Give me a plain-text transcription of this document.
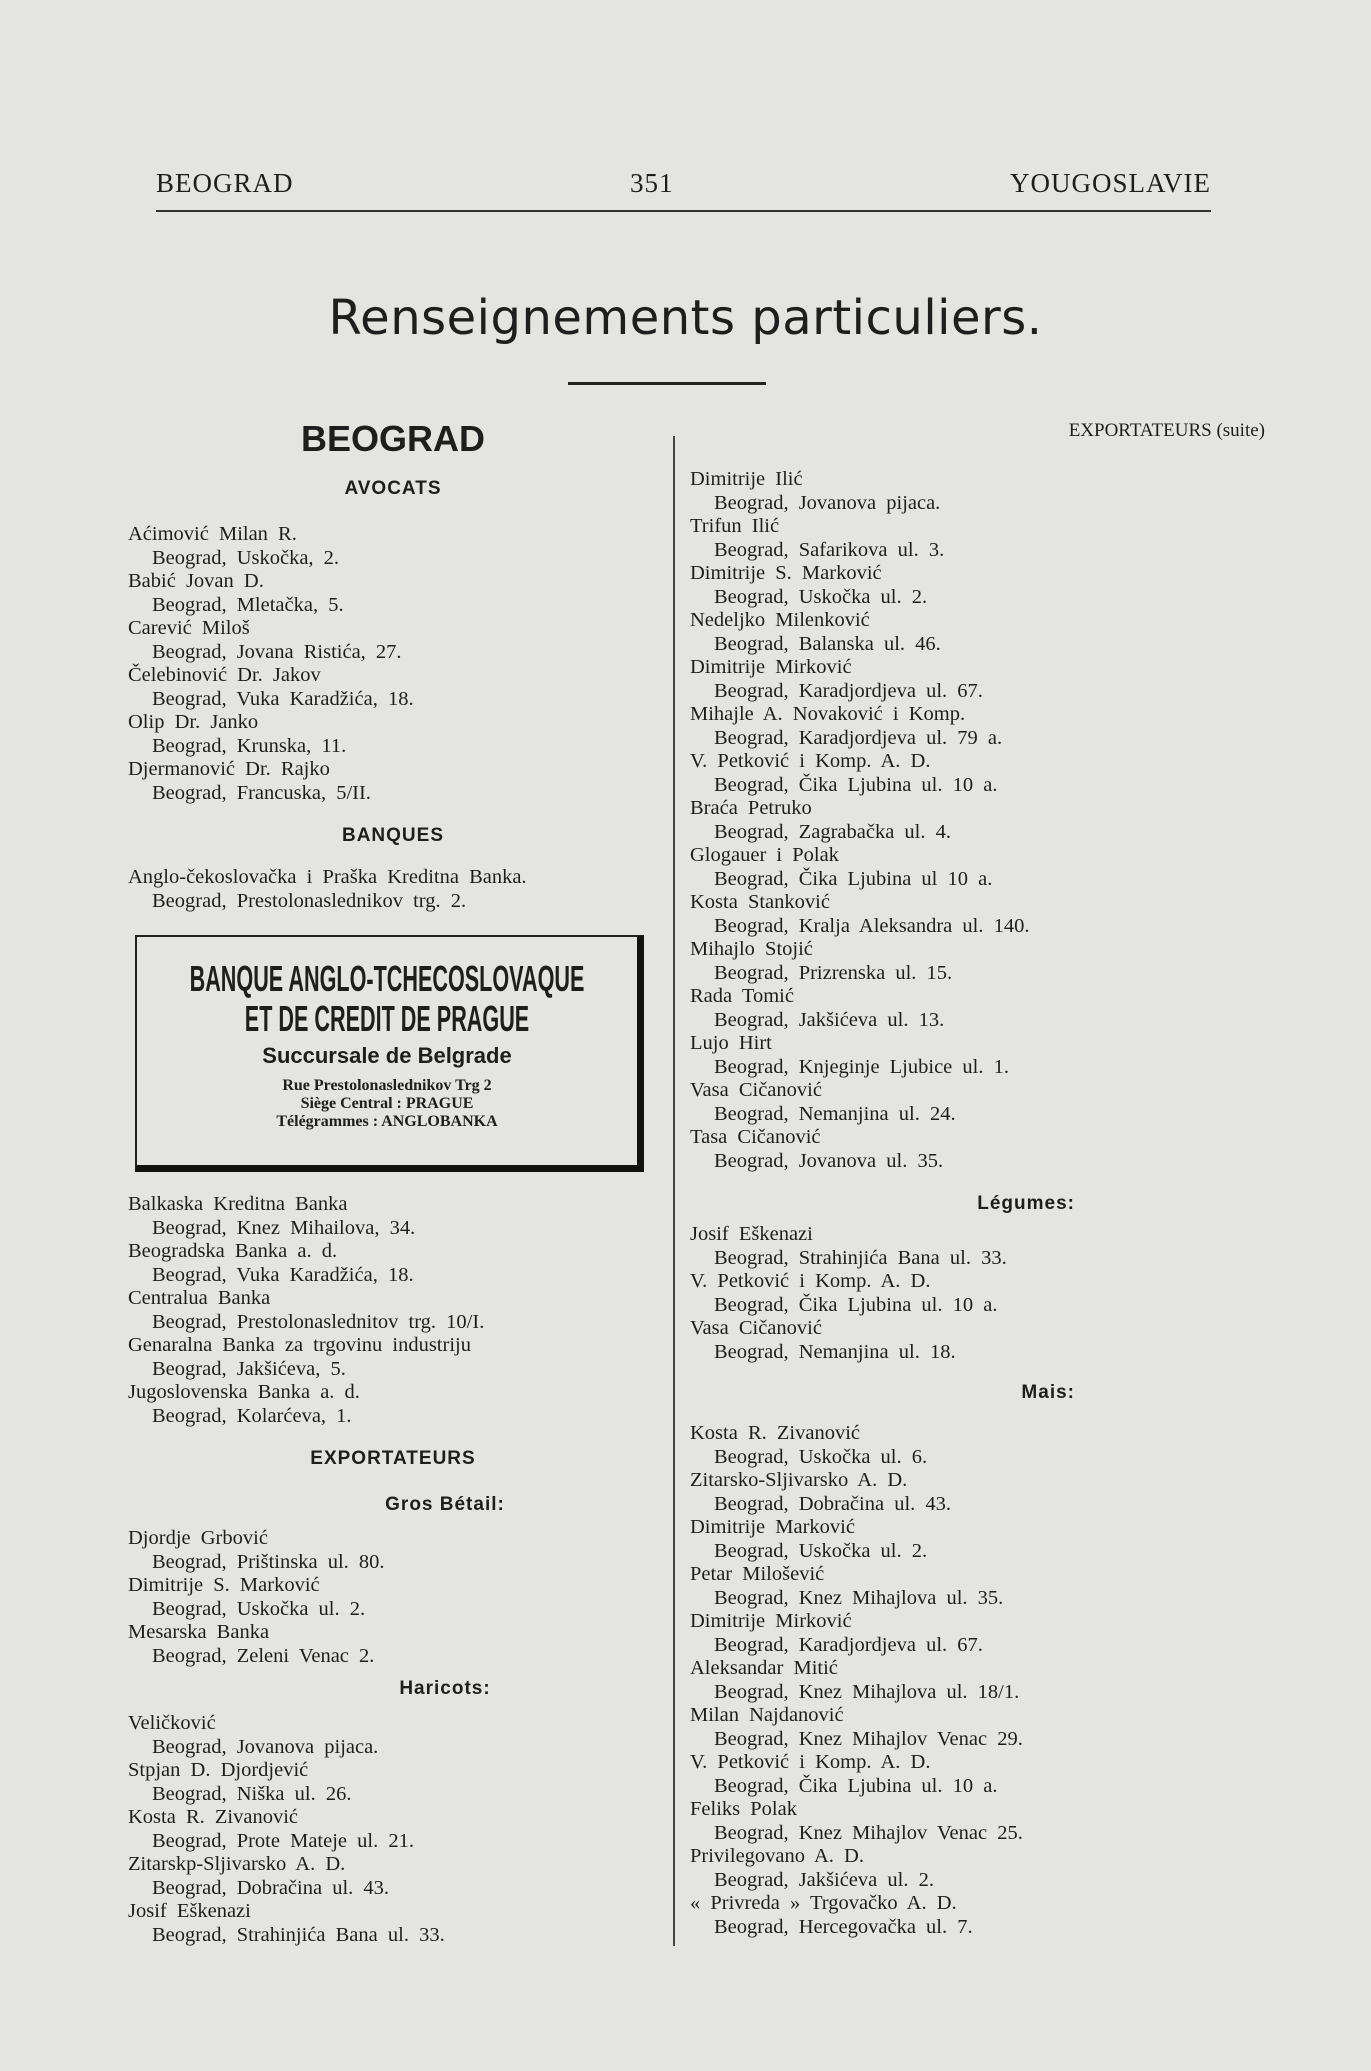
BEOGRAD	351	YOUGOSLAVIE
Renseignements particuliers.
BEOGRAD
AVOCATS
Aćimović Milan R.
Beograd, Uskočka, 2.
Babić Jovan D.
Beograd, Mletačka, 5.
Carević Miloš
Beograd, Jovana Ristića, 27.
Čelebinović Dr. Jakov
Beograd, Vuka Karadžića, 18.
Olip Dr. Janko
Beograd, Krunska, 11.
Djermanović Dr. Rajko
Beograd, Francuska, 5/II.
BANQUES
Anglo-čekoslovačka i Praška Kreditna Banka.
Beograd, Prestolonaslednikov trg. 2.
BANQUE ANGLO-TCHECOSLOVAQUE
ET DE CREDIT DE PRAGUE
Succursale de Belgrade
Rue Prestolonaslednikov Trg 2
Siège Central : PRAGUE
Télégrammes : ANGLOBANKA
Balkaska Kreditna Banka
Beograd, Knez Mihailova, 34.
Beogradska Banka a. d.
Beograd, Vuka Karadžića, 18.
Centralua Banka
Beograd, Prestolonaslednitov trg. 10/I.
Genaralna Banka za trgovinu industriju
Beograd, Jakšićeva, 5.
Jugoslovenska Banka a. d.
Beograd, Kolarćeva, 1.
EXPORTATEURS
Gros Bétail:
Djordje Grbović
Beograd, Prištinska ul. 80.
Dimitrije S. Marković
Beograd, Uskočka ul. 2.
Mesarska Banka
Beograd, Zeleni Venac 2.
Haricots:
Veličković
Beograd, Jovanova pijaca.
Stpjan D. Djordjević
Beograd, Niška ul. 26.
Kosta R. Zivanović
Beograd, Prote Mateje ul. 21.
Zitarskp-Sljivarsko A. D.
Beograd, Dobračina ul. 43.
Josif Eškenazi
Beograd, Strahinjića Bana ul. 33.
EXPORTATEURS (suite)
Dimitrije Ilić
Beograd, Jovanova pijaca.
Trifun Ilić
Beograd, Safarikova ul. 3.
Dimitrije S. Marković
Beograd, Uskočka ul. 2.
Nedeljko Milenković
Beograd, Balanska ul. 46.
Dimitrije Mirković
Beograd, Karadjordjeva ul. 67.
Mihajle A. Novaković i Komp.
Beograd, Karadjordjeva ul. 79 a.
V. Petković i Komp. A. D.
Beograd, Čika Ljubina ul. 10 a.
Braća Petruko
Beograd, Zagrabačka ul. 4.
Glogauer i Polak
Beograd, Čika Ljubina ul 10 a.
Kosta Stanković
Beograd, Kralja Aleksandra ul. 140.
Mihajlo Stojić
Beograd, Prizrenska ul. 15.
Rada Tomić
Beograd, Jakšićeva ul. 13.
Lujo Hirt
Beograd, Knjeginje Ljubice ul. 1.
Vasa Cičanović
Beograd, Nemanjina ul. 24.
Tasa Cičanović
Beograd, Jovanova ul. 35.
Légumes:
Josif Eškenazi
Beograd, Strahinjića Bana ul. 33.
V. Petković i Komp. A. D.
Beograd, Čika Ljubina ul. 10 a.
Vasa Cičanović
Beograd, Nemanjina ul. 18.
Mais:
Kosta R. Zivanović
Beograd, Uskočka ul. 6.
Zitarsko-Sljivarsko A. D.
Beograd, Dobračina ul. 43.
Dimitrije Marković
Beograd, Uskočka ul. 2.
Petar Milošević
Beograd, Knez Mihajlova ul. 35.
Dimitrije Mirković
Beograd, Karadjordjeva ul. 67.
Aleksandar Mitić
Beograd, Knez Mihajlova ul. 18/1.
Milan Najdanović
Beograd, Knez Mihajlov Venac 29.
V. Petković i Komp. A. D.
Beograd, Čika Ljubina ul. 10 a.
Feliks Polak
Beograd, Knez Mihajlov Venac 25.
Privilegovano A. D.
Beograd, Jakšićeva ul. 2.
« Privreda » Trgovačko A. D.
Beograd, Hercegovačka ul. 7.
